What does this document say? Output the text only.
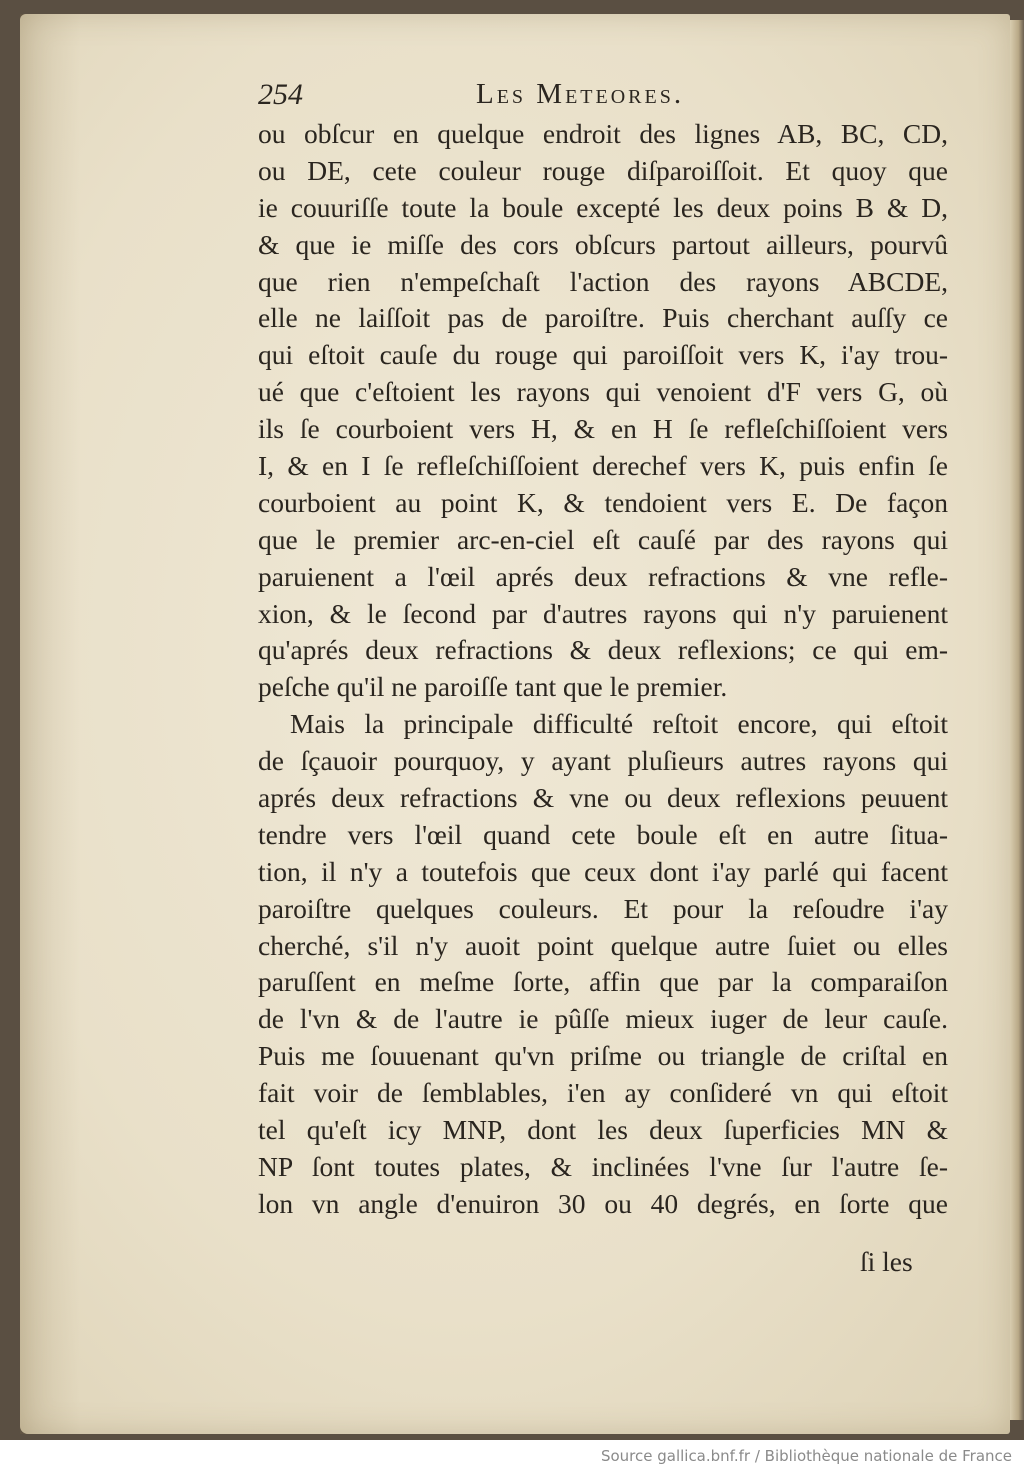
254	Les Meteores.
ou obſcur en quelque endroit des lignes AB, BC, CD,
ou DE, cete couleur rouge diſparoiſſoit. Et quoy que
ie couuriſſe toute la boule excepté les deux poins B & D,
& que ie miſſe des cors obſcurs partout ailleurs, pourvû
que rien n'empeſchaſt l'action des rayons ABCDE,
elle ne laiſſoit pas de paroiſtre. Puis cherchant auſſy ce
qui eſtoit cauſe du rouge qui paroiſſoit vers K, i'ay trou-
ué que c'eſtoient les rayons qui venoient d'F vers G, où
ils ſe courboient vers H, & en H ſe refleſchiſſoient vers
I, & en I ſe refleſchiſſoient derechef vers K, puis enfin ſe
courboient au point K, & tendoient vers E. De façon
que le premier arc-en-ciel eſt cauſé par des rayons qui
paruienent a l'œil aprés deux refractions & vne refle-
xion, & le ſecond par d'autres rayons qui n'y paruienent
qu'aprés deux refractions & deux reflexions; ce qui em-
peſche qu'il ne paroiſſe tant que le premier.
Mais la principale difficulté reſtoit encore, qui eſtoit
de ſçauoir pourquoy, y ayant pluſieurs autres rayons qui
aprés deux refractions & vne ou deux reflexions peuuent
tendre vers l'œil quand cete boule eſt en autre ſitua-
tion, il n'y a toutefois que ceux dont i'ay parlé qui facent
paroiſtre quelques couleurs. Et pour la reſoudre i'ay
cherché, s'il n'y auoit point quelque autre ſuiet ou elles
paruſſent en meſme ſorte, affin que par la comparaiſon
de l'vn & de l'autre ie pûſſe mieux iuger de leur cauſe.
Puis me ſouuenant qu'vn priſme ou triangle de criſtal en
fait voir de ſemblables, i'en ay conſideré vn qui eſtoit
tel qu'eſt icy MNP, dont les deux ſuperficies MN &
NP ſont toutes plates, & inclinées l'vne ſur l'autre ſe-
lon vn angle d'enuiron 30 ou 40 degrés, en ſorte que
ſi les
Source gallica.bnf.fr / Bibliothèque nationale de France
